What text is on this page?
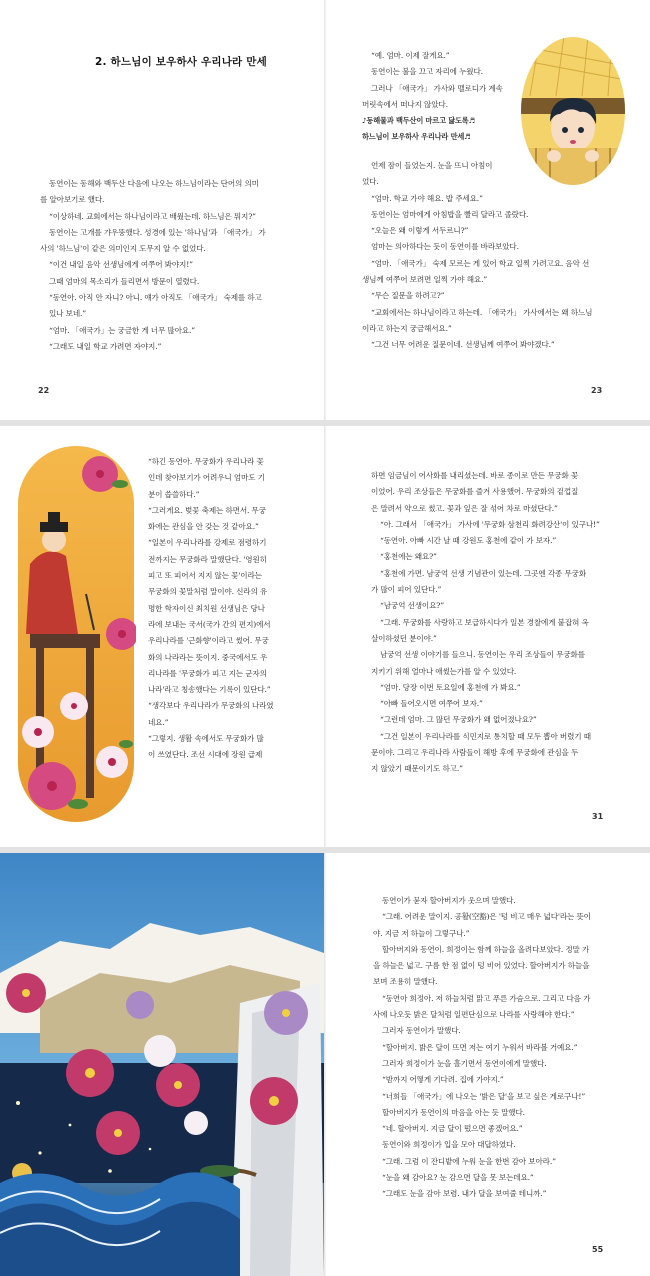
2. 하느님이 보우하사 우리나라 만세

동연이는 동해와 백두산 다음에 나오는 하느님이라는 단어의 의미

를 알아보기로 했다.

“이상하네. 교회에서는 하나님이라고 배웠는데. 하느님은 뭐지?”

동연이는 고개를 갸우뚱했다. 성경에 있는 '하나님'과 「애국가」 가

사의 '하느님'이 같은 의미인지 도무지 알 수 없었다.

“이건 내일 음악 선생님에게 여쭈어 봐야지!”

그때 엄마의 목소리가 들리면서 방문이 열렸다.

“동연아. 아직 안 자니? 아니. 얘가 아직도 「애국가」 숙제를 하고

있나 보네.”

“엄마. 「애국가」는 궁금한 게 너무 많아요.”

“그래도 내일 학교 가려면 자야지.”

22

“예. 엄마. 이제 잘게요.”

동연이는 불을 끄고 자리에 누웠다.

그러나 「애국가」 가사와 멜로디가 계속

머릿속에서 떠나지 않았다.

♪동해물과 백두산이 마르고 닳도록♬

하느님이 보우하사 우리나라 만세♬

언제 잠이 들었는지. 눈을 뜨니 아침이

었다.

“엄마. 학교 가야 해요. 밥 주세요.”

동연이는 엄마에게 아침밥을 빨리 달라고 졸랐다.

“오늘은 왜 이렇게 서두르니?”

엄마는 의아하다는 듯이 동연이를 바라보았다.

“엄마. 「애국가」 숙제 모르는 게 있어 학교 일찍 가려고요. 음악 선

생님께 여쭈어 보려면 일찍 가야 해요.”

“무슨 질문을 하려고?”

“교회에서는 하나님이라고 하는데. 「애국가」 가사에서는 왜 하느님

이라고 하는지 궁금해서요.”

“그건 너무 어려운 질문이네. 선생님께 여쭈어 봐야겠다.”

23

“하긴 동연아. 무궁화가 우리나라 꽃

인데 찾아보기가 어려우니 엄마도 기

분이 씁쓸하다.”

“그러게요. 벚꽃 축제는 하면서. 무궁

화에는 관심을 안 갖는 것 같아요.”

“일본이 우리나라를 강제로 점령하기

전까지는 무궁화라 말했단다. '영원히

피고 또 피어서 지지 않는 꽃'이라는

무궁화의 꽃말처럼 말이야. 신라의 유

명한 학자이신 최치원 선생님은 당나

라에 보내는 국서(국가 간의 편지)에서

우리나라를 '근화향'이라고 썼어. 무궁

화의 나라라는 뜻이지. 중국에서도 우

리나라를 '무궁화가 피고 지는 군자의

나라'라고 칭송했다는 기록이 있단다.”

“생각보다 우리나라가 무궁화의 나라였

네요.”

“그렇지. 생활 속에서도 무궁화가 많

이 쓰였단다. 조선 시대에 장원 급제

하면 임금님이 어사화를 내리셨는데. 바로 종이로 만든 무궁화 꽃

이었어. 우리 조상들은 무궁화를 즐겨 사용했어. 무궁화의 겉껍질

은 말려서 약으로 썼고. 꽃과 잎은 잘 섞어 차로 마셨단다.”

“아. 그래서 「애국가」 가사에 '무궁화 삼천리 화려강산'이 있구나!”

“동연아. 아빠 시간 날 때 강원도 홍천에 같이 가 보자.”

“홍천에는 왜요?”

“홍천에 가면. 남궁억 선생 기념관이 있는데. 그곳엔 각종 무궁화

가 많이 피어 있단다.”

“남궁억 선생이요?”

“그래. 무궁화를 사랑하고 보급하시다가 일본 경찰에게 붙잡혀 옥

살이하셨던 분이야.”

남궁억 선생 이야기를 들으니. 동연이는 우리 조상들이 무궁화를

지키기 위해 얼마나 애썼는가를 알 수 있었다.

“엄마. 당장 이번 토요일에 홍천에 가 봐요.”

“아빠 들어오시면 여쭈어 보자.”

“그런데 엄마. 그 많던 무궁화가 왜 없어졌나요?”

“그건 일본이 우리나라를 식민지로 통치할 때 모두 뽑아 버렸기 때

문이야. 그리고 우리나라 사람들이 해방 후에 무궁화에 관심을 두

지 않았기 때문이기도 하고.”

31

동연이가 묻자 할아버지가 웃으며 말했다.

“그래. 어려운 말이지. 공활(空豁)은 '텅 비고 매우 넓다'라는 뜻이

야. 지금 저 하늘이 그렇구나.”

할아버지와 동연이. 희정이는 함께 하늘을 올려다보았다. 정말 가

을 하늘은 넓고. 구름 한 점 없이 텅 비어 있었다. 할아버지가 하늘을

보며 조용히 말했다.

“동연아 희정아. 저 하늘처럼 맑고 푸른 가슴으로. 그리고 다음 가

사에 나오듯 밝은 달처럼 일편단심으로 나라를 사랑해야 한다.”

그러자 동연이가 말했다.

“할아버지. 밝은 달이 뜨면 저는 여기 누워서 바라볼 거예요.”

그러자 희정이가 눈을 흘기면서 동연이에게 말했다.

“밤까지 어떻게 기다려. 집에 가야지.”

“너희들 「애국가」에 나오는 '밝은 달'을 보고 싶은 게로구나!”

할아버지가 동연이의 마음을 아는 듯 말했다.

“네. 할아버지. 지금 달이 떴으면 좋겠어요.”

동연이와 희정이가 입을 모아 대답하였다.

“그래. 그럼 이 잔디밭에 누워 눈을 한번 감아 보아라.”

“눈을 왜 감아요? 눈 감으면 달을 못 보는데요.”

“그래도 눈을 감아 보렴. 내가 달을 보여줄 테니까.”

55
